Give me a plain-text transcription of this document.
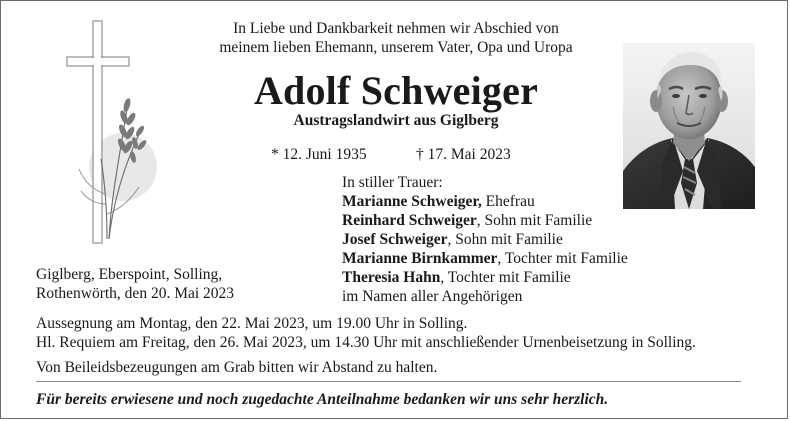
In Liebe und Dankbarkeit nehmen wir Abschied von
meinem lieben Ehemann, unserem Vater, Opa und Uropa
Adolf Schweiger
Austragslandwirt aus Giglberg
* 12. Juni 1935	† 17. Mai 2023
In stiller Trauer:
Marianne Schweiger, Ehefrau
Reinhard Schweiger, Sohn mit Familie
Josef Schweiger, Sohn mit Familie
Marianne Birnkammer, Tochter mit Familie
Theresia Hahn, Tochter mit Familie
im Namen aller Angehörigen
Giglberg, Eberspoint, Solling,
Rothenwörth, den 20. Mai 2023
Aussegnung am Montag, den 22. Mai 2023, um 19.00 Uhr in Solling.
Hl. Requiem am Freitag, den 26. Mai 2023, um 14.30 Uhr mit anschließender Urnenbeisetzung in Solling.
Von Beileidsbezeugungen am Grab bitten wir Abstand zu halten.
Für bereits erwiesene und noch zugedachte Anteilnahme bedanken wir uns sehr herzlich.
